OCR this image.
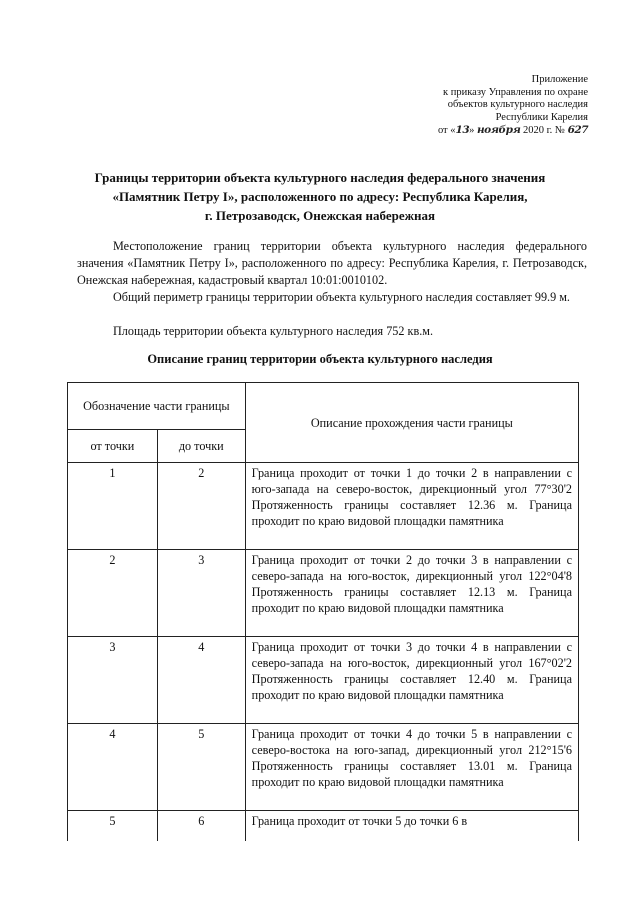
Приложение
к приказу Управления по охране
объектов культурного наследия
Республики Карелия
от «13» ноября 2020 г. № 627
Границы территории объекта культурного наследия федерального значения
«Памятник Петру I», расположенного по адресу: Республика Карелия,
г. Петрозаводск, Онежская набережная
Местоположение границ территории объекта культурного наследия федерального значения «Памятник Петру I», расположенного по адресу: Республика Карелия, г. Петрозаводск, Онежская набережная, кадастровый квартал 10:01:0010102.
Общий периметр границы территории объекта культурного наследия составляет 99.9 м.
Площадь территории объекта культурного наследия 752 кв.м.
Описание границ территории объекта культурного наследия
Обозначение части границы		Описание прохождения части границы
от точки	до точки	
1	2	Граница проходит от точки 1 до точки 2 в направлении с юго-запада на северо-восток, дирекционный угол 77°30'2 Протяженность границы составляет 12.36 м. Граница проходит по краю видовой площадки памятника
2	3	Граница проходит от точки 2 до точки 3 в направлении с северо-запада на юго-восток, дирекционный угол 122°04'8 Протяженность границы составляет 12.13 м. Граница проходит по краю видовой площадки памятника
3	4	Граница проходит от точки 3 до точки 4 в направлении с северо-запада на юго-восток, дирекционный угол 167°02'2 Протяженность границы составляет 12.40 м. Граница проходит по краю видовой площадки памятника
4	5	Граница проходит от точки 4 до точки 5 в направлении с северо-востока на юго-запад, дирекционный угол 212°15'6 Протяженность границы составляет 13.01 м. Граница проходит по краю видовой площадки памятника
5	6	Граница проходит от точки 5 до точки 6 в
